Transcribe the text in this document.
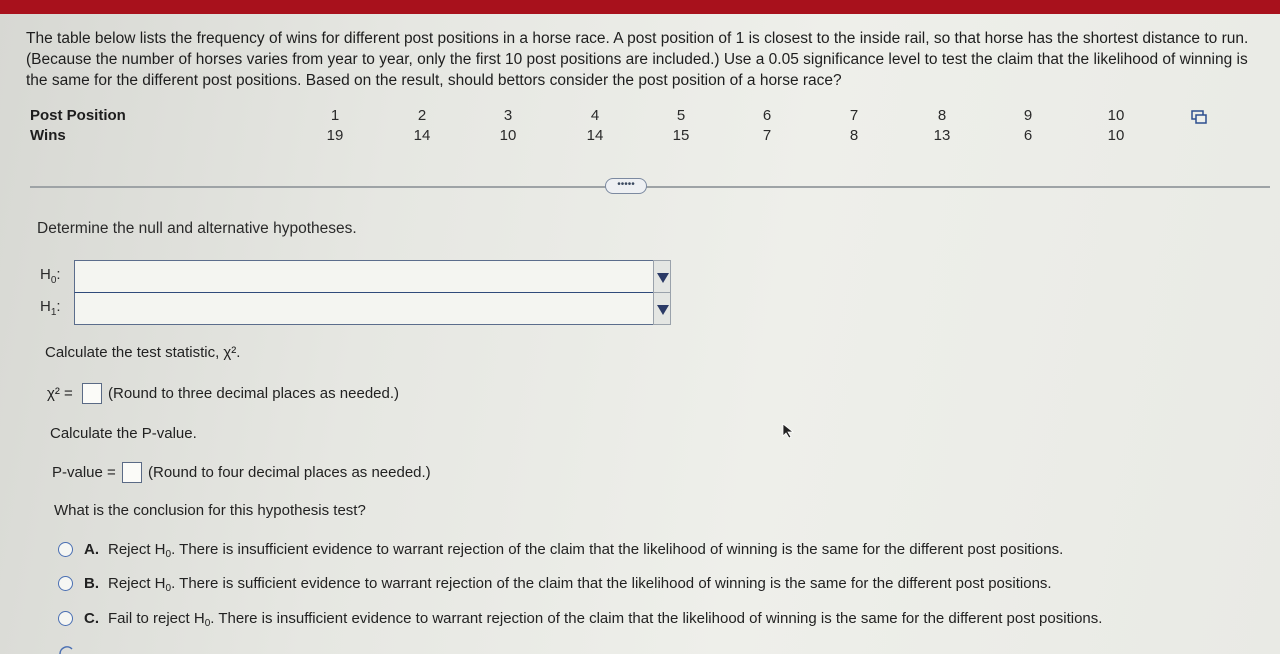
The table below lists the frequency of wins for different post positions in a horse race. A post position of 1 is closest to the inside rail, so that horse has the shortest distance to run. (Because the number of horses varies from year to year, only the first 10 post positions are included.) Use a 0.05 significance level to test the claim that the likelihood of winning is the same for the different post positions. Based on the result, should bettors consider the post position of a horse race?
Post Position	1	2	3	4	5	6	7	8	9	10
Wins	19	14	10	14	15	7	8	13	6	10
•••••
Determine the null and alternative hypotheses.
$H_0$:
$H_1$:
Calculate the test statistic, χ².
χ² = (Round to three decimal places as needed.)
Calculate the P-value.
P-value = (Round to four decimal places as needed.)
What is the conclusion for this hypothesis test?
A. Reject $H_0$. There is insufficient evidence to warrant rejection of the claim that the likelihood of winning is the same for the different post positions.
B. Reject $H_0$. There is sufficient evidence to warrant rejection of the claim that the likelihood of winning is the same for the different post positions.
C. Fail to reject $H_0$. There is insufficient evidence to warrant rejection of the claim that the likelihood of winning is the same for the different post positions.
